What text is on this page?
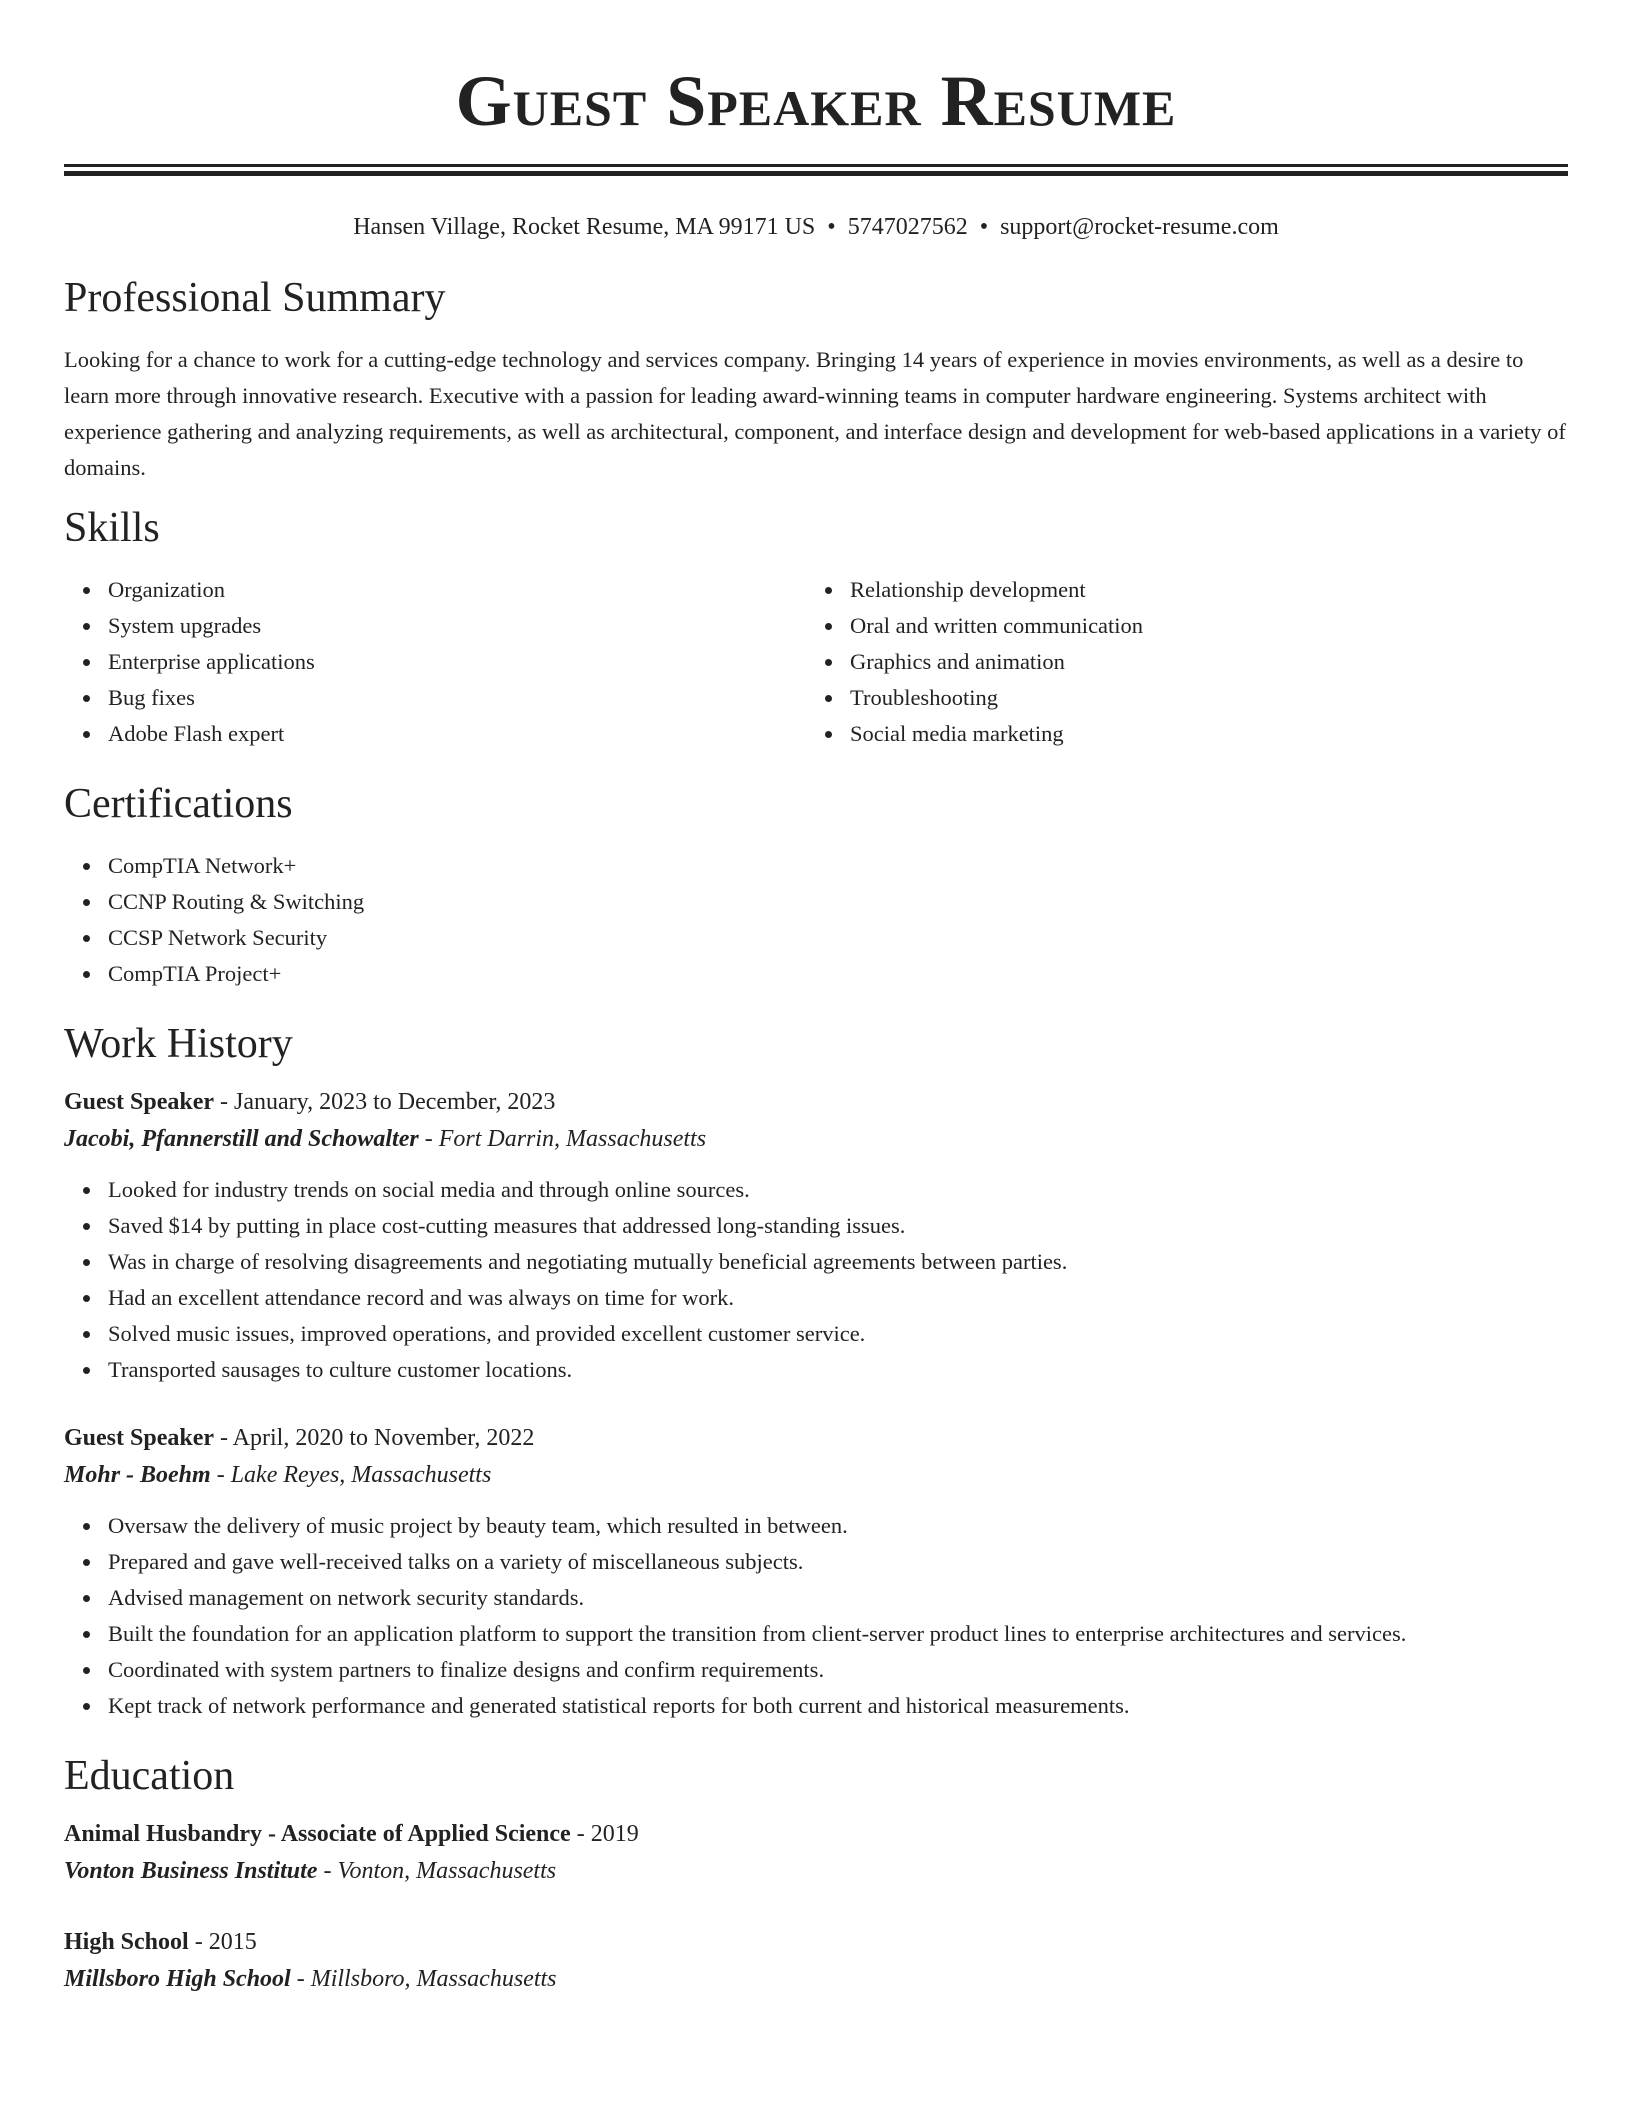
Guest Speaker Resume
Hansen Village, Rocket Resume, MA 99171 US • 5747027562 • support@rocket-resume.com
Professional Summary

Looking for a chance to work for a cutting-edge technology and services company. Bringing 14 years of experience in movies environments, as well as a desire to learn more through innovative research. Executive with a passion for leading award-winning teams in computer hardware engineering. Systems architect with experience gathering and analyzing requirements, as well as architectural, component, and interface design and development for web-based applications in a variety of domains.

Skills
Organization
System upgrades
Enterprise applications
Bug fixes
Adobe Flash expert
Relationship development
Oral and written communication
Graphics and animation
Troubleshooting
Social media marketing
Certifications
CompTIA Network+
CCNP Routing & Switching
CCSP Network Security
CompTIA Project+
Work History
Guest Speaker - January, 2023 to December, 2023
Jacobi, Pfannerstill and Schowalter - Fort Darrin, Massachusetts
Looked for industry trends on social media and through online sources.
Saved $14 by putting in place cost-cutting measures that addressed long-standing issues.
Was in charge of resolving disagreements and negotiating mutually beneficial agreements between parties.
Had an excellent attendance record and was always on time for work.
Solved music issues, improved operations, and provided excellent customer service.
Transported sausages to culture customer locations.
Guest Speaker - April, 2020 to November, 2022
Mohr - Boehm - Lake Reyes, Massachusetts
Oversaw the delivery of music project by beauty team, which resulted in between.
Prepared and gave well-received talks on a variety of miscellaneous subjects.
Advised management on network security standards.
Built the foundation for an application platform to support the transition from client-server product lines to enterprise architectures and services.
Coordinated with system partners to finalize designs and confirm requirements.
Kept track of network performance and generated statistical reports for both current and historical measurements.
Education
Animal Husbandry - Associate of Applied Science - 2019
Vonton Business Institute - Vonton, Massachusetts
High School - 2015
Millsboro High School - Millsboro, Massachusetts
